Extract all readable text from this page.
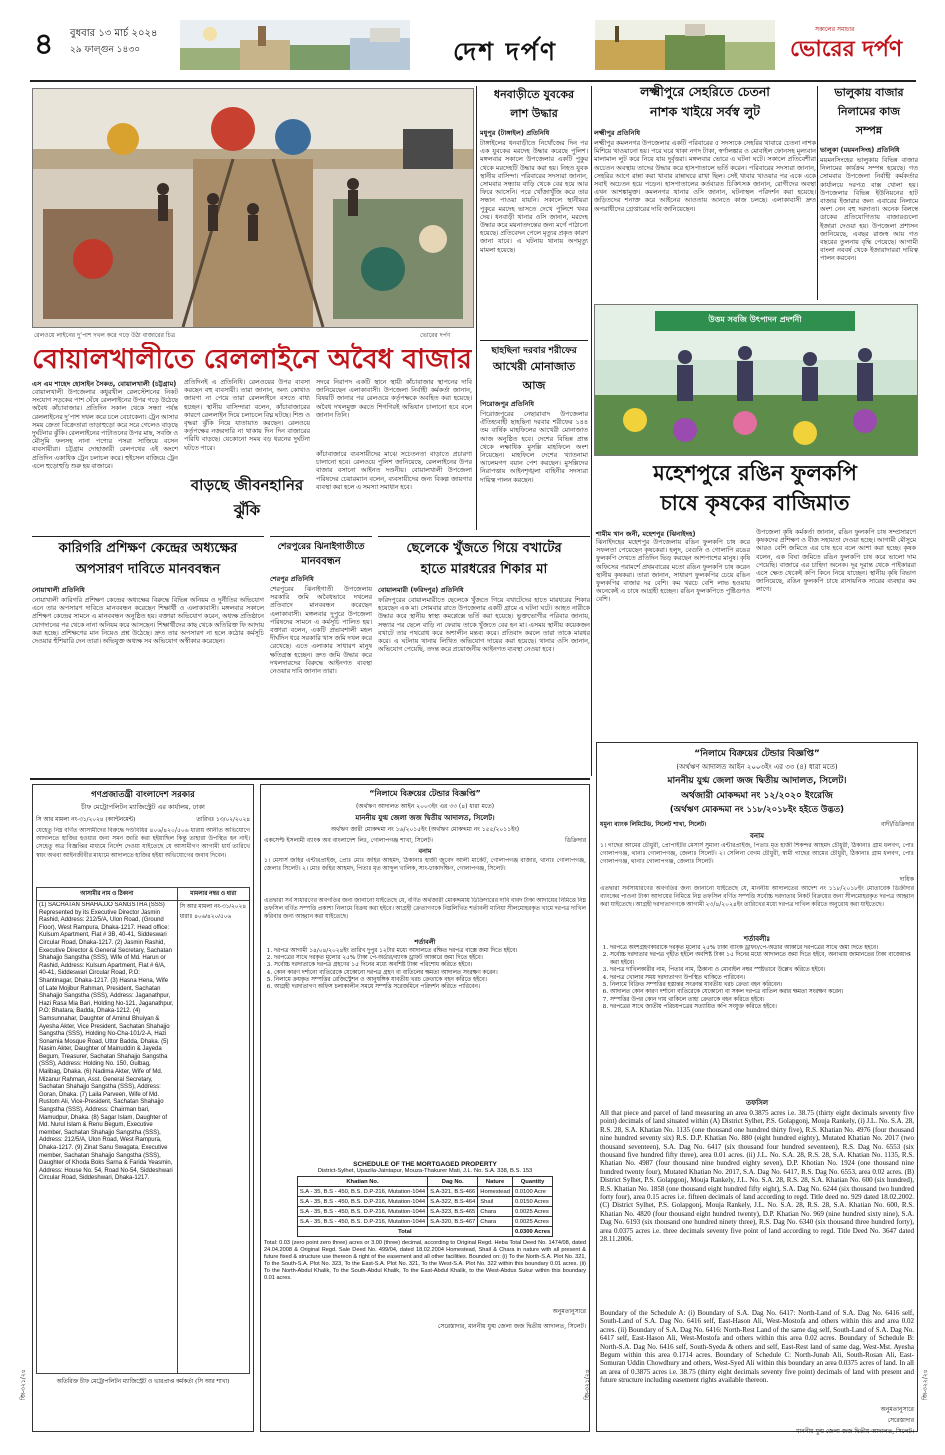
৪ বুধবার ১৩ মার্চ ২০২৪
২৯ ফাল্গুন ১৪৩০	দেশ দর্পণ
সকালের সমাচার
ভোরের দর্পণ
রেলওয়ে লাইনের দু’পাশ দখল করে গড়ে উঠা বাজারের চিত্র	ভোরের দর্পণ
ধনবাড়ীতে যুবকের
লাশ উদ্ধার
মধুপুর (টাঙ্গাইল) প্রতিনিধি
টাঙ্গাইলের ধনবাড়ীতে নিখোঁজের দিন পর এক যুবকের মরদেহ উদ্ধার করেছে পুলিশ। মঙ্গলবার সকালে উপজেলার একটি পুকুর থেকে মরদেহটি উদ্ধার করা হয়। নিহত যুবক স্থানীয় বাসিন্দা। পরিবারের সদস্যরা জানান, সোমবার সন্ধ্যায় বাড়ি থেকে বের হয়ে আর ফিরে আসেনি। পরে খোঁজাখুঁজি করে তার সন্ধান পাওয়া যায়নি। সকালে স্থানীয়রা পুকুরে মরদেহ ভাসতে দেখে পুলিশে খবর দেয়। ধনবাড়ী থানার ওসি জানান, মরদেহ উদ্ধার করে ময়নাতদন্তের জন্য মর্গে পাঠানো হয়েছে। প্রতিবেদন পেলে মৃত্যুর প্রকৃত কারণ জানা যাবে। এ ঘটনায় থানায় অপমৃত্যু মামলা হয়েছে।
ছাহছিনা দরবার শরীফের
আখেরী মোনাজাত আজ
পিরোজপুর প্রতিনিধি
পিরোজপুরের নেছারাবাদ উপজেলার ঐতিহ্যবাহী ছাহছিনা দরবার শরীফের ১৪৪ তম বার্ষিক মাহফিলের আখেরী মোনাজাত আজ অনুষ্ঠিত হবে। দেশের বিভিন্ন প্রান্ত থেকে লক্ষাধিক মুসল্লি মাহফিলে অংশ নিয়েছেন। মাহফিলে দেশের খ্যাতনামা আলেমগণ বয়ান পেশ করছেন। মুসল্লিদের নিরাপত্তায় আইনশৃঙ্খলা বাহিনীর সদস্যরা দায়িত্ব পালন করছেন।
বোয়ালখালীতে রেললাইনে অবৈধ বাজার
এস এম শাহেদ হোসাইন সৈকত, বোয়ালখালী (চট্টগ্রাম)
বোয়ালখালী উপজেলার কধুরখীল রেলস্টেশনের নিকট সংযোগ সড়কের পাশ ঘেঁষে রেললাইনের উপর গড়ে উঠেছে অবৈধ কাঁচাবাজার। প্রতিদিন সকাল থেকে সন্ধ্যা পর্যন্ত রেললাইনের দু’পাশ দখল করে চলে বেচাকেনা। ট্রেন আসার সময় ক্রেতা বিক্রেতারা তাড়াহুড়ো করে সরে গেলেও বাড়ছে দুর্ঘটনার ঝুঁকি। রেললাইনের পাটাতনের উপর মাছ, সবজি ও মৌসুমি ফলসহ নানা পণ্যের পসরা সাজিয়ে বসেন ব্যবসায়ীরা। চট্টগ্রাম দোহাজারী রেলপথের এই অংশে প্রতিদিন একাধিক ট্রেন চলাচল করে। হুইসেল বাজিয়ে ট্রেন এলে হুড়োহুড়ি শুরু হয় বাজারে।
প্রতিদিনই এ প্রতিনিধি। রেলওয়ের উপর ব্যবসা করছেন বহু ব্যবসায়ী। তারা জানান, অন্য কোথাও জায়গা না পেয়ে তারা রেললাইনে বসতে বাধ্য হচ্ছেন। স্থানীয় বাসিন্দারা বলেন, কাঁচাবাজারের কারণে রেললাইন দিয়ে চলাচলে বিঘ্ন ঘটছে। শিশু ও বৃদ্ধরা ঝুঁকি নিয়ে যাতায়াত করছেন। রেলওয়ে কর্তৃপক্ষের নজরদারি না থাকায় দিন দিন বাজারের পরিধি বাড়ছে। যেকোনো সময় বড় ধরনের দুর্ঘটনা ঘটতে পারে।
বাড়ছে জীবনহানির
ঝুঁকি
সদরে নিরাপদ একটি স্থানে স্থায়ী কাঁচাবাজার স্থাপনের দাবি জানিয়েছেন এলাকাবাসী। উপজেলা নির্বাহী কর্মকর্তা জানান, বিষয়টি জানার পর রেলওয়ে কর্তৃপক্ষকে অবহিত করা হয়েছে। অবৈধ দখলমুক্ত করতে শিগগিরই অভিযান চালানো হবে বলে জানান তিনি।
কাঁচাবাজারে ব্যবসায়ীদের মাঝে সচেতনতা বাড়াতে প্রচারণা চালানো হবে। রেলওয়ে পুলিশ জানিয়েছে, রেললাইনের উপর বাজার বসানো আইনত দণ্ডনীয়। বোয়ালখালী উপজেলা পরিষদের চেয়ারম্যান বলেন, ব্যবসায়ীদের জন্য বিকল্প জায়গার ব্যবস্থা করা হলে এ সমস্যা সমাধান হবে।
লক্ষ্মীপুরে সেহরিতে চেতনা
নাশক খাইয়ে সর্বস্ব লুট
লক্ষ্মীপুর প্রতিনিধি
লক্ষ্মীপুর কমলনগর উপজেলার একটি পরিবারের ৫ সদস্যকে সেহরির খাবারে চেতনা নাশক মিশিয়ে খাওয়ানো হয়। পরে ঘরে থাকা নগদ টাকা, স্বর্ণালঙ্কার ও মোবাইল ফোনসহ মূল্যবান মালামাল লুট করে নিয়ে যায় দুর্বৃত্তরা। মঙ্গলবার ভোরে এ ঘটনা ঘটে। সকালে প্রতিবেশীরা অচেতন অবস্থায় তাদের উদ্ধার করে হাসপাতালে ভর্তি করেন। পরিবারের সদস্যরা জানান, সেহরির আগে রান্না করা খাবার রান্নাঘরে রাখা ছিল। সেই খাবার খাওয়ার পর একে একে সবাই অচেতন হয়ে পড়েন। হাসপাতালের কর্তব্যরত চিকিৎসক জানান, রোগীদের অবস্থা এখন আশঙ্কামুক্ত। কমলনগর থানার ওসি জানান, ঘটনাস্থল পরিদর্শন করা হয়েছে। জড়িতদের শনাক্ত করে আইনের আওতায় আনতে কাজ চলছে। এলাকাবাসী দ্রুত অপরাধীদের গ্রেপ্তারের দাবি জানিয়েছেন।
ভালুকায় বাজার
নিলামের কাজ
সম্পন্ন
ভালুকা (ময়মনসিংহ) প্রতিনিধি
ময়মনসিংহের ভালুকায় বিভিন্ন বাজার নিলামের কার্যক্রম সম্পন্ন হয়েছে। গত সোমবার উপজেলা নির্বাহী কর্মকর্তার কার্যালয়ে দরপত্র বাক্স খোলা হয়। উপজেলার বিভিন্ন ইউনিয়নের হাট বাজার ইজারার জন্য এবারের নিলামে অংশ নেন বহু দরদাতা। অনেক বিলম্বে ডাকের প্রতিযোগিতায় বাজারগুলো ইজারা দেওয়া হয়। উপজেলা প্রশাসন জানিয়েছে, এবছর রাজস্ব আয় গত বছরের তুলনায় বৃদ্ধি পেয়েছে। আগামী বাংলা নববর্ষ থেকে ইজারাদাররা দায়িত্ব পালন করবেন।
উত্তম সবজি উৎপাদন প্রদর্শনী
মহেশপুরে রঙিন ফুলকপি
চাষে কৃষকের বাজিমাত
শামীম খান জনী, মহেশপুর (ঝিনাইদহ)
ঝিনাইদহের মহেশপুর উপজেলায় রঙিন ফুলকপি চাষ করে সফলতা পেয়েছেন কৃষকেরা। হলুদ, বেগুনি ও গোলাপি রঙের ফুলকপি দেখতে প্রতিদিন ভিড় করছেন আশপাশের মানুষ। কৃষি অফিসের পরামর্শে প্রথমবারের মতো রঙিন ফুলকপি চাষ করেন স্থানীয় কৃষকরা। তারা জানান, সাধারণ ফুলকপির চেয়ে রঙিন ফুলকপির বাজার দর বেশি। কম খরচে বেশি লাভ হওয়ায় অনেকেই এ চাষে আগ্রহী হচ্ছেন। রঙিন ফুলকপিতে পুষ্টিগুণও বেশি।
উপজেলা কৃষি কর্মকর্তা জানান, রঙিন ফুলকপি চাষ সম্প্রসারণে কৃষকদের প্রশিক্ষণ ও বীজ সহায়তা দেওয়া হচ্ছে। আগামী মৌসুমে আরও বেশি জমিতে এর চাষ হবে বলে আশা করা হচ্ছে। কৃষক বলেন, এক বিঘা জমিতে রঙিন ফুলকপি চাষ করে ভালো দাম পেয়েছি। বাজারে এর চাহিদা অনেক। দূর দূরান্ত থেকে পাইকাররা এসে ক্ষেত থেকেই কপি কিনে নিয়ে যাচ্ছেন। স্থানীয় কৃষি বিভাগ জানিয়েছে, রঙিন ফুলকপি চাষে রাসায়নিক সারের ব্যবহার কম লাগে।
কারিগরি প্রশিক্ষণ কেন্দ্রের অধ্যক্ষের
অপসারণ দাবিতে মানববন্ধন
নোয়াখালী প্রতিনিধি
নোয়াখালী কারিগরি প্রশিক্ষণ কেন্দ্রের অধ্যক্ষের বিরুদ্ধে বিভিন্ন অনিয়ম ও দুর্নীতির অভিযোগ এনে তার অপসারণ দাবিতে মানববন্ধন করেছেন শিক্ষার্থী ও এলাকাবাসী। মঙ্গলবার সকালে প্রশিক্ষণ কেন্দ্রের সামনে এ মানববন্ধন অনুষ্ঠিত হয়। বক্তারা অভিযোগ করেন, অধ্যক্ষ প্রতিষ্ঠানে যোগদানের পর থেকে নানা অনিয়ম করে আসছেন। শিক্ষার্থীদের কাছ থেকে অতিরিক্ত ফি আদায় করা হচ্ছে। প্রশিক্ষণের মান নিয়েও প্রশ্ন উঠেছে। দ্রুত তার অপসারণ না হলে কঠোর কর্মসূচি দেওয়ার হুঁশিয়ারি দেন তারা। অভিযুক্ত অধ্যক্ষ সব অভিযোগ অস্বীকার করেছেন।
শেরপুরের ঝিনাইগাতীতে
মানববন্ধন
শেরপুর প্রতিনিধি
শেরপুরের ঝিনাইগাতী উপজেলায় সরকারি জমি অবৈধভাবে দখলের প্রতিবাদে মানববন্ধন করেছেন এলাকাবাসী। মঙ্গলবার দুপুরে উপজেলা পরিষদের সামনে এ কর্মসূচি পালিত হয়। বক্তারা বলেন, একটি প্রভাবশালী মহল দীর্ঘদিন ধরে সরকারি খাস জমি দখল করে রেখেছে। এতে এলাকার সাধারণ মানুষ ক্ষতিগ্রস্ত হচ্ছেন। দ্রুত জমি উদ্ধার করে দখলদারদের বিরুদ্ধে আইনগত ব্যবস্থা নেওয়ার দাবি জানান তারা।
ছেলেকে খুঁজতে গিয়ে বখাটের
হাতে মারধরের শিকার মা
বোয়ালমারী (ফরিদপুর) প্রতিনিধি
ফরিদপুরের বোয়ালমারীতে ছেলেকে খুঁজতে গিয়ে বখাটেদের হাতে মারধরের শিকার হয়েছেন এক মা। সোমবার রাতে উপজেলার একটি গ্রামে এ ঘটনা ঘটে। আহত নারীকে উদ্ধার করে স্থানীয় স্বাস্থ্য কমপ্লেক্সে ভর্তি করা হয়েছে। ভুক্তভোগীর পরিবার জানায়, সন্ধ্যার পর ছেলে বাড়ি না ফেরায় তাকে খুঁজতে বের হন মা। এসময় স্থানীয় কয়েকজন বখাটে তার পথরোধ করে অশালীন মন্তব্য করে। প্রতিবাদ করলে তারা তাকে মারধর করে। এ ঘটনায় থানায় লিখিত অভিযোগ দায়ের করা হয়েছে। থানার ওসি জানান, অভিযোগ পেয়েছি, তদন্ত করে প্রয়োজনীয় আইনগত ব্যবস্থা নেওয়া হবে।
গণপ্রজাতন্ত্রী বাংলাদেশ সরকার
চীফ মেট্রোপলিটন ম্যাজিস্ট্রেট এর কার্যালয়, ঢাকা
সি আর মামলা নং-৩১/২০২৪ (ক্যান্টনমেন্ট)	তারিখঃ ১৩/০২/২০২৪
যেহেতু নিম্ন বর্ণিত আসামীদের বিরুদ্ধে দণ্ডবিধির ৪০৬/৪২০/৫০৬ ধারায় আনীত অভিযোগে আদালতে হাজির হওয়ার জন্য সমন জারি করা হইয়াছিল কিন্তু তাহারা উপস্থিত হন নাই। সেহেতু অত্র বিজ্ঞপ্তির মাধ্যমে নির্দেশ দেওয়া যাইতেছে যে আসামীগণ আগামী ধার্য তারিখে স্বয়ং অথবা আইনজীবীর মাধ্যমে আদালতে হাজির হইয়া অভিযোগের জবাব দিবেন।
আসামীর নাম ও ঠিকানা	মামলার নম্বর ও ধারা

(1) SACHATAN SHAHAJJO SANGSTHA (SSS) Represented by its Executive Director Jasmin Rashid, Address: 212/5/A, Ulon Road, (Ground Floor), West Rampura, Dhaka-1217. Head office: Kulsum Apartment, Flat # 3B, 40-41, Siddeswari Circular Road, Dhaka-1217. (2) Jasmin Rashid, Executive Director & General Secretary, Sachatan Shahajjo Sangstha (SSS), Wife of Md. Harun or Rashid, Address: Kulsum Apartment, Flat # 6/A, 40-41, Siddeswari Circular Road, P.O: Shantinagar, Dhaka-1217. (3) Hasna Hena, Wife of Late Mojibur Rahman, President, Sachatan Shahajjo Sangstha (SSS), Address: Jaganathpur, Hazi Rasa Mia Bari, Holding No-121, Jaganathpur, P.O: Bhatara, Badda, Dhaka-1212. (4) Samsunnahar, Daughter of Aminul Bhuiyan & Ayesha Akter, Vice President, Sachatan Shahajjo Sangstha (SSS), Holding No-Cha-101/2-A, Hazi Sonamia Mosque Road, Uttor Badda, Dhaka. (5) Nasim Akter, Daughter of Mainuddin & Jayeda Begum, Treasurer, Sachatan Shahajjo Sangstha (SSS), Address: Holding No. 150, Gulbag, Malibag, Dhaka. (6) Nadima Akter, Wife of Md. Mizanur Rahman, Asst. General Secretary, Sachatan Shahajjo Sangstha (SSS), Address: Goran, Dhaka. (7) Laila Parveen, Wife of Md. Rustom Ali, Vice-President, Sachatan Shahajjo Sangstha (SSS), Address: Chairman bari, Mamudpur, Dhaka. (8) Sagar Islam, Daughter of Md. Nurul Islam & Renu Begum, Executive member, Sachatan Shahajjo Sangstha (SSS), Address: 212/5/A, Ulon Road, West Rampura, Dhaka-1217. (9) Zinat Sanu Swagata, Executive member, Sachatan Shahajjo Sangstha (SSS), Daughter of Khoda Boks Sarna & Farida Yeasmin, Address: House No. 54, Road No-54, Siddeshwari Circular Road, Siddeshwari, Dhaka-1217.	সি আর মামলা নং-৩১/২০২৪ ধারাঃ ৪০৬/৪২০/৫০৬
অতিরিক্ত চীফ মেট্রোপলিটন ম্যাজিস্ট্রেট ও ভারপ্রাপ্ত কর্মকর্তা (সি আর শাখা)
জি-৩২১/২৪
“নিলামে বিক্রয়ের টেন্ডার বিজ্ঞপ্তি”
(অর্থঋণ আদালত আইন ২০০৩ইং এর ৩৩ (৪) ধারা মতে)
মাননীয় যুগ্ম জেলা জজ দ্বিতীয় আদালত, সিলেট।
অর্থঋণ জারী মোকদ্দমা নং ১৬/২০১৫ইং (অর্থঋণ মোকদ্দমা নং ১৫৫/২০১১ইং)
একসেপ্ট ইসলামী ব্যাংক অব বাংলাদেশ লিঃ, গোলাপগঞ্জ শাখা, সিলেট।	ডিক্রিদার
বনাম
১। মেসার্স জহির এন্টারপ্রাইজ, প্রোঃ মোঃ জহির আহমদ, ঠিকানাঃ হাজী জুবেদ আলী মার্কেট, গোলাপগঞ্জ বাজার, থানাঃ গোলাপগঞ্জ, জেলাঃ সিলেট। ২। মোঃ জহির আহমদ, পিতাঃ মৃত আব্দুল খালিক, সাং-ঢাকাদক্ষিণ, গোলাপগঞ্জ, সিলেট।
এতদ্বারা সর্ব সাধারণের অবগতির জন্য জানানো যাইতেছে যে, বর্ণিত অর্থজারী মোকদ্দমায় ডিক্রিদারের দাবি বাবদ টাকা আদায়ের নিমিত্তে নিম্ন তফসিল বর্ণিত সম্পত্তি প্রকাশ্য নিলামে বিক্রয় করা হইবে। আগ্রহী ক্রেতাগণকে নিম্নলিখিত শর্তাবলী মানিয়া সীলমোহরকৃত খামে দরপত্র দাখিল করিবার জন্য আহ্বান করা যাইতেছে।
শর্তাবলী
1. দরপত্র আগামী ১৪/০৪/২০২৪ইং তারিখ দুপুর ১২টার মধ্যে আদালতে রক্ষিত দরপত্র বাক্সে জমা দিতে হইবে।
2. দরপত্রের সাথে দরকৃত মূল্যের ২৫% টাকা পে-অর্ডার/ব্যাংক ড্রাফট আকারে জমা দিতে হইবে।
3. সর্বোচ্চ দরদাতাকে দরপত্র গ্রহণের ১৫ দিনের মধ্যে অবশিষ্ট টাকা পরিশোধ করিতে হইবে।
4. কোন কারণ দর্শানো ব্যতিরেকে যেকোনো দরপত্র গ্রহণ বা বাতিলের ক্ষমতা আদালত সংরক্ষণ করেন।
5. নিলামে ক্রয়কৃত সম্পত্তির রেজিস্ট্রেশন ও আনুষঙ্গিক যাবতীয় খরচ ক্রেতাকে বহন করিতে হইবে।
6. আগ্রহী দরদাতাগণ অফিস চলাকালীন সময়ে সম্পত্তি সরেজমিনে পরিদর্শন করিতে পারিবেন।
SCHEDULE OF THE MORTGAGED PROPERTY
District-Sylhet, Upazila-Jaintapur, Mouza-Thakurer Mati, J.L. No. S.A. 338, B.S. 153
Khatian No.	Dag No.	Nature	Quantity
S.A - 35, B.S - 450, B.S. D.P-216, Mutation-1044	S.A-321, B.S-466	Homestead	0.0100 Acre
S.A - 35, B.S - 450, B.S. D.P-216, Mutation-1044	S.A-322, B.S-464	Shail	0.0150 Acres
S.A - 35, B.S - 450, B.S. D.P-216, Mutation-1044	S.A-323, B.S-465	Chara	0.0025 Acres
S.A - 35, B.S - 450, B.S. D.P-216, Mutation-1044	S.A-320, B.S-467	Chara	0.0025 Acres
Total			0.0300 Acres
Total: 0.03 (zero point zero three) acres or 3.00 (three) decimal, according to Original Regd. Heba Total Deed No. 1474/08, dated 24.04.2008 & Original Regd. Sale Deed No. 499/04, dated 18.02.2004 Homestead, Shail & Chara in nature with all present & future fixed & structure use thereon & right of the easement and all other facilities. Bounded on: (i) To the North-S.A. Plot No. 321, To the South-S.A. Plot No. 323, To the East-S.A. Plot No. 321, To the West-S.A. Plot No. 322 within this boundary 0.01 acres. (ii) To the North-Abdul Khalik, To the South-Abdul Khalik, To the East-Abdul Khalik, to the West-Abdus Sukur within this boundary 0.01 acres.
অনুমতানুসারে
সেরেস্তাদার, মাননীয় যুগ্ম জেলা জজ দ্বিতীয় আদালত, সিলেট।
জি-৩২১/২৪
“নিলামে বিক্রয়ের টেন্ডার বিজ্ঞপ্তি”
(অর্থঋণ আদালত আইন ২০০৩ইং এর ৩৩ (৪) ধারা মতে)
মাননীয় যুগ্ম জেলা জজ দ্বিতীয় আদালত, সিলেট।
অর্থজারী মোকদ্দমা নং ১২/২০২০ ইংরেজি
(অর্থঋণ মোকদ্দমা নং ১১৮/২০১৮ইং হইতে উদ্ভত)
যমুনা ব্যাংক লিমিটেড, সিলেট শাখা, সিলেট।	বাদী/ডিক্রিদার
বনাম
১। গাছের আমের চৌধুরী, প্রোপাইটর মেসার্স সুমানা এন্টারপ্রাইজ, পিতাঃ মৃত হাজী শিকন্দর আহমদ চৌধুরী, ঠিকানাঃ গ্রাম ধলবগ, পোঃ গোলাপগঞ্জ, থানাঃ গোলাপগঞ্জ, জেলাঃ সিলেট। ২। সেলিনা বেগম চৌধুরী, স্বামী গাছের আমের চৌধুরী, ঠিকানাঃ গ্রাম ধলবগ, পোঃ গোলাপগঞ্জ, থানাঃ গোলাপগঞ্জ, জেলাঃ সিলেট।
দায়িক
এতদ্বারা সর্বসাধারণের অবগতির জন্য জানানো যাইতেছে যে, মাননীয় আদালতের আদেশ নং ১১৮/২০১৮ইং মোতাবেক ডিক্রীদার ব্যাংকের পাওনা টাকা আদায়ের নিমিত্তে নিম্ন তফসিল বর্ণিত সম্পত্তি সর্বোচ্চ দরদাতার নিকট বিক্রয়ের জন্য সীলমোহরকৃত দরপত্র আহ্বান করা যাইতেছে। আগ্রহী দরদাতাগণকে আগামী ২৩/৪/২০২৪ইং তারিখের মধ্যে দরপত্র দাখিল করিতে অনুরোধ করা যাইতেছে।
শর্তাবলীঃ
1. দরপত্রে অংশগ্রহণকারীকে দরকৃত মূল্যের ২৫% টাকা ব্যাংক ড্রাফট/পে-অর্ডার আকারে দরপত্রের সাথে জমা দিতে হইবে।
2. সর্বোচ্চ দরদাতার দরপত্র গৃহীত হইলে অবশিষ্ট টাকা ১৫ দিনের মধ্যে আদালতে জমা দিতে হইবে, অন্যথায় জামানতের টাকা বাজেয়াপ্ত করা হইবে।
3. দরপত্র দাখিলকারীর নাম, পিতার নাম, ঠিকানা ও মোবাইল নম্বর স্পষ্টভাবে উল্লেখ করিতে হইবে।
4. দরপত্র খোলার সময় দরদাতাগণ উপস্থিত থাকিতে পারিবেন।
5. নিলামে বিক্রিত সম্পত্তির হস্তান্তর সংক্রান্ত যাবতীয় খরচ ক্রেতা বহন করিবেন।
6. আদালত কোন কারণ দর্শানো ব্যতিরেকে যেকোনো বা সকল দরপত্র বাতিল করার ক্ষমতা সংরক্ষণ করেন।
7. সম্পত্তির উপর কোন দায় থাকিলে তাহা ক্রেতাকে বহন করিতে হইবে।
8. দরপত্রের সাথে জাতীয় পরিচয়পত্রের সত্যায়িত কপি সংযুক্ত করিতে হইবে।
তফসিল
All that piece and parcel of land measuring an area 0.3875 acres i.e. 38.75 (thirty eight decimals seventy five point) decimals of land situated within (A) District Sylhet, P.S. Golapgonj, Mouja Rankely, (i) J.L. No. S.A. 28, R.S. 28, S.A. Khatian No. 1135 (one thousand one hundred thirty five), R.S. Khatian No. 4976 (four thousand nine hundred seventy six) R.S. D.P. Khatian No. 880 (eight hundred eighty), Mutated Khatian No. 2017 (two thousand seventeen), S.A. Dag No. 6417 (six thousand four hundred seventeen), R.S. Dag No. 6553 (six thousand five hundred fifty three), area 0.01 acres. (ii) J.L. No. S.A. 28, R.S. 28, S.A. Khatian No. 1135, R.S. Khatian No. 4987 (four thousand nine hundred eighty seven), D.P. Khotian No. 1924 (one thousand nine hundred twenty four), Mutated Khatian No. 2017, S.A. Dag No. 6417, R.S. Dag No. 6553, area 0.02 acres. (B) District Sylhet, P.S. Golapgonj, Mouja Rankely, J.L. No. S.A. 28, R.S. 28, S.A. Khatian No. 600 (six hundred), R.S. Khatian No. 1858 (one thousand eight hundred fifty eight), S.A. Dag No. 6244 (six thousand two hundred forty four), area 0.15 acres i.e. fifteen decimals of land according to regd. Title deed no. 929 dated 18.02.2002. (C) District Sylhet, P.S. Golapgonj, Mouja Rankely, J.L. No. S.A. 28, R.S. 28, S.A. Khatian No. 600, R.S. Khatian No. 4820 (four thousand eight hundred twenty), D.P. Khatian No. 969 (nine hundred sixty nine), S.A. Dag No. 6193 (six thousand one hundred ninety three), R.S. Dag No. 6340 (six thousand three hundred forty), area 0.0375 acres i.e. three decimals seventy five point of land according to regd. Title Deed No. 3647 dated 28.11.2006.
Boundary of the Schedule A: (i) Boundary of S.A. Dag No. 6417: North-Land of S.A. Dag No. 6416 self, South-Land of S.A. Dag No. 6416 self, East-Hason Ali, West-Mostofa and others within this and area 0.02 acres. (ii) Boundary of S.A. Dag No. 6416: North-Rest Land of the same dag self, South-Land of S.A. Dag No. 6417 self, East-Hason Ali, West-Mostofa and others within this area 0.02 acres. Boundary of Schedule B: North-S.A. Dag No. 6416 self, South-Syeda & others and self, East-Rest land of same dag, West-Mst. Ayesha Begum within this area 0.1714 acres. Boundary of Schedule C: North-Junab Ali, South-Rosan Ali, East-Somuran Uddin Chowdhury and others, West-Syed Ali within this boundary an area 0.0375 acres of land. In all an area of 0.3875 acres i.e. 38.75 (thirty eight decimals seventy five point) decimals of land with present and future structure including easement rights available thereon.
অনুমতানুসারে
সেরেস্তাদার
মাননীয় যুগ্ম জেলা জজ দ্বিতীয় আদালত, সিলেট।
জি-৩২২/২৪
